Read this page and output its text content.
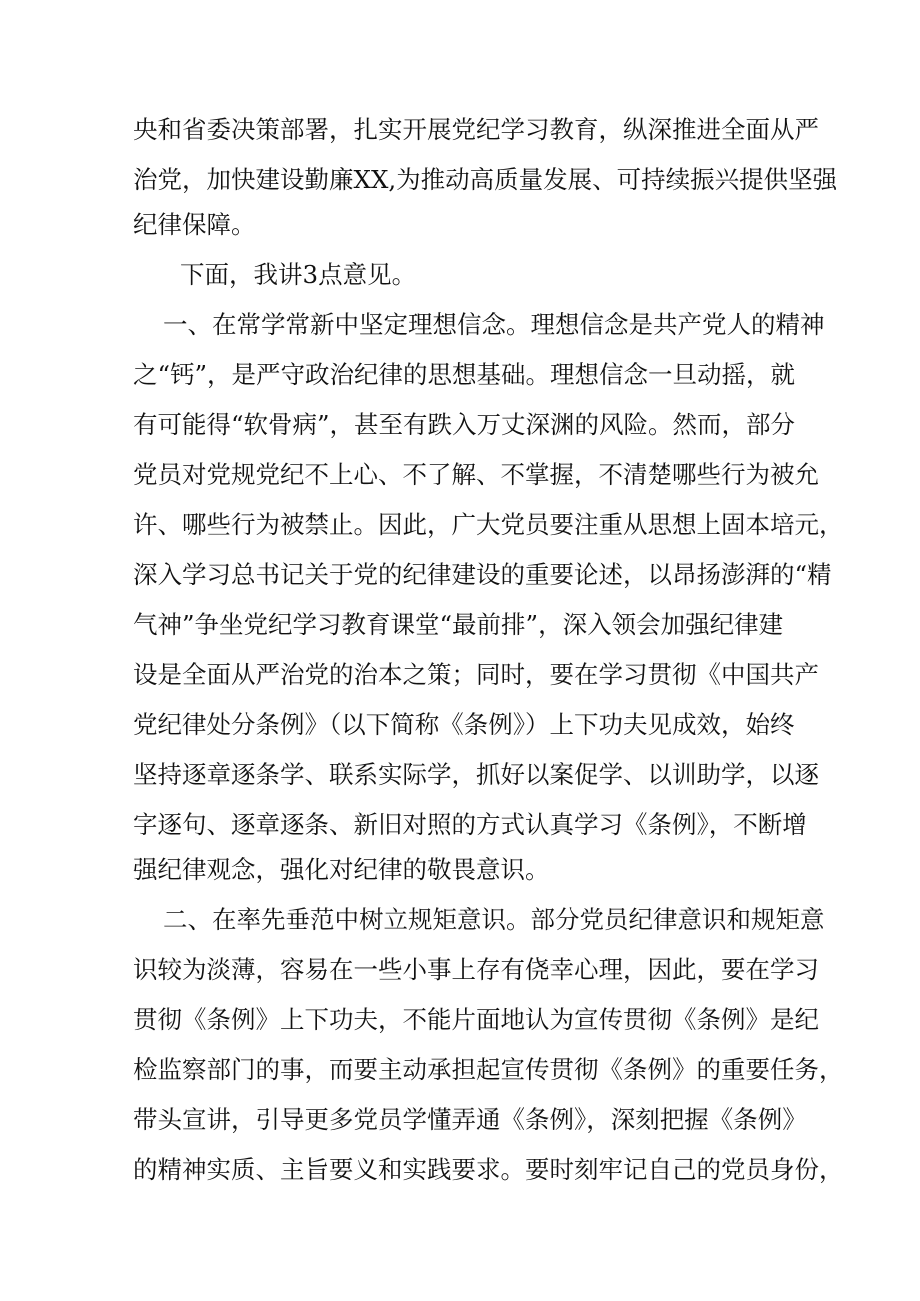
央和省委决策部署，扎实开展党纪学习教育，纵深推进全面从严
治党，加快建设勤廉XX,为推动高质量发展、可持续振兴提供坚强
纪律保障。
下面，我讲3点意见。
一、在常学常新中坚定理想信念。理想信念是共产党人的精神
之“钙”，是严守政治纪律的思想基础。理想信念一旦动摇，就
有可能得“软骨病”，甚至有跌入万丈深渊的风险。然而，部分
党员对党规党纪不上心、不了解、不掌握，不清楚哪些行为被允
许、哪些行为被禁止。因此，广大党员要注重从思想上固本培元，
深入学习总书记关于党的纪律建设的重要论述，以昂扬澎湃的“精
气神”争坐党纪学习教育课堂“最前排”，深入领会加强纪律建
设是全面从严治党的治本之策；同时，要在学习贯彻《中国共产
党纪律处分条例》（以下简称《条例》）上下功夫见成效，始终
坚持逐章逐条学、联系实际学，抓好以案促学、以训助学，以逐
字逐句、逐章逐条、新旧对照的方式认真学习《条例》，不断增
强纪律观念，强化对纪律的敬畏意识。
二、在率先垂范中树立规矩意识。部分党员纪律意识和规矩意
识较为淡薄，容易在一些小事上存有侥幸心理，因此，要在学习
贯彻《条例》上下功夫，不能片面地认为宣传贯彻《条例》是纪
检监察部门的事，而要主动承担起宣传贯彻《条例》的重要任务，
带头宣讲，引导更多党员学懂弄通《条例》，深刻把握《条例》
的精神实质、主旨要义和实践要求。要时刻牢记自己的党员身份，
